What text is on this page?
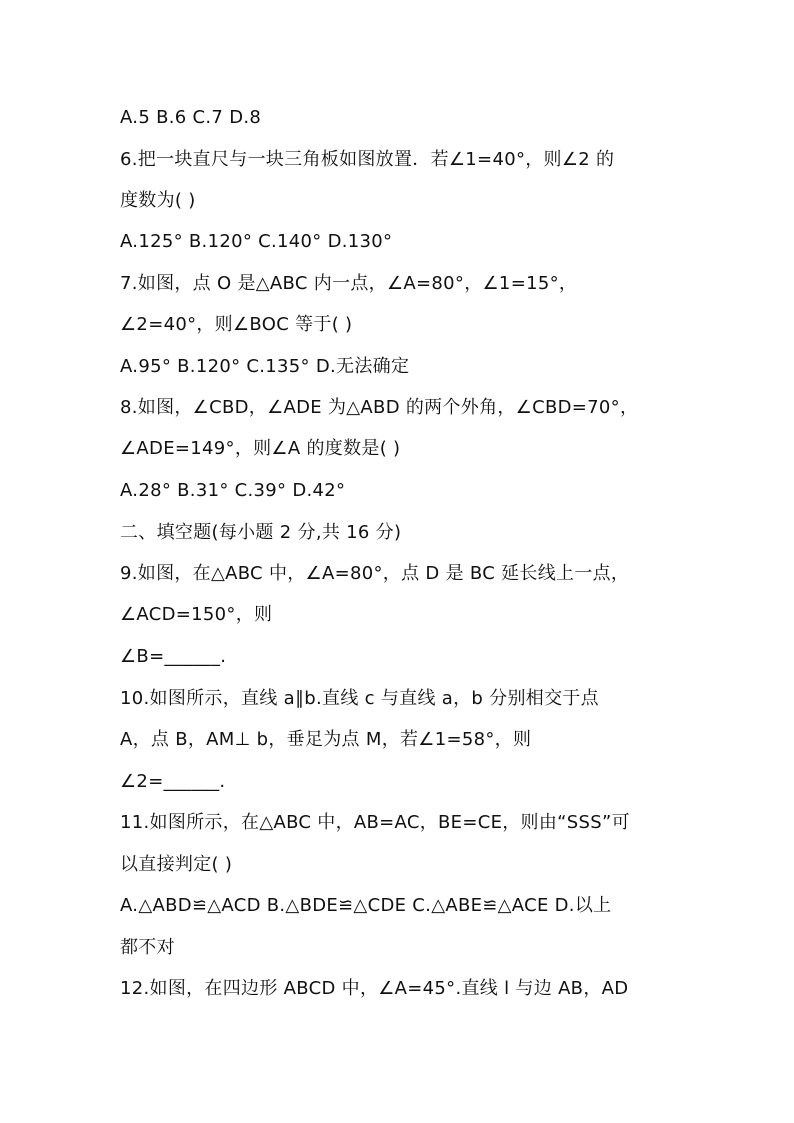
A.5 B.6 C.7 D.8
6.把一块直尺与一块三角板如图放置．若∠1=40°，则∠2 的
度数为( )
A.125° B.120° C.140° D.130°
7.如图，点 O 是△ABC 内一点，∠A=80°，∠1=15°，
∠2=40°，则∠BOC 等于( )
A.95° B.120° C.135° D.无法确定
8.如图，∠CBD，∠ADE 为△ABD 的两个外角，∠CBD=70°，
∠ADE=149°，则∠A 的度数是( )
A.28° B.31° C.39° D.42°
二、填空题(每小题 2 分,共 16 分)
9.如图，在△ABC 中，∠A=80°，点 D 是 BC 延长线上一点，
∠ACD=150°，则
∠B=______.
10.如图所示，直线 a∥b.直线 c 与直线 a，b 分别相交于点
A，点 B，AM⊥ b，垂足为点 M，若∠1=58°，则
∠2=______.
11.如图所示，在△ABC 中，AB=AC，BE=CE，则由“SSS”可
以直接判定( )
A.△ABD≌△ACD B.△BDE≌△CDE C.△ABE≌△ACE D.以上
都不对
12.如图，在四边形 ABCD 中，∠A=45°.直线 l 与边 AB，AD
